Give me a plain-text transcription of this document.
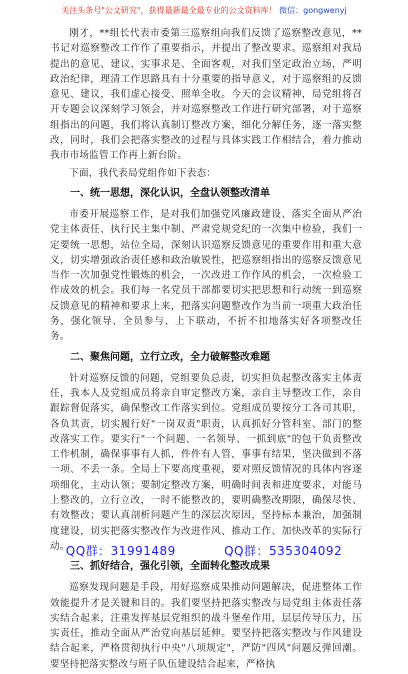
关注头条号"公文研究"，获得最新最全最专业的公文资料库！ 微信：gongwenyj

刚才，**组长代表市委第三巡察组向我们反馈了巡察整改意见，**书记对巡察整改工作作了重要指示，并提出了整改要求。巡察组对我局提出的意见、建议，实事求是、全面客观，对我们坚定政治立场，严明政治纪律，理清工作思路具有十分重要的指导意义，对于巡察组的反馈意见、建议，我们虚心接受、照单全收。今天的会议精神，局党组将召开专题会议深刻学习领会，并对巡察整改工作进行研究部署，对于巡察组指出的问题，我们将认真制订整改方案，细化分解任务，逐一落实整改，同时，我们会把落实整改的过程与具体实践工作相结合，着力推动我市市场监管工作再上新台阶。

下面，我代表局党组作如下表态：

一、统一思想，深化认识，全盘认领整改清单

市委开展巡察工作，是对我们加强党风廉政建设、落实全面从严治党主体责任、执行民主集中制、严肃党规党纪的一次集中检验，我们一定要统一思想，站位全局，深刻认识巡察反馈意见的重要作用和重大意义，切实增强政治责任感和政治敏锐性，把巡察组指出的巡察反馈意见当作一次加强党性锻炼的机会，一次改进工作作风的机会，一次检验工作成效的机会。我们每一名党员干部都要切实把思想和行动统一到巡察反馈意见的精神和要求上来，把落实问题整改作为当前一项重大政治任务，强化领导、全员参与、上下联动，不折不扣地落实好各项整改任务。

二、聚焦问题，立行立改，全力破解整改难题

针对巡察反馈的问题，党组要负总责，切实担负起整改落实主体责任，我本人及党组成员将亲自审定整改方案，亲自主导整改工作，亲自跟踪督促落实，确保整改工作落实到位。党组成员要按分工各司其职，各负其责，切实履行好"一岗双责"职责，认真抓好分管科室、部门的整改落实工作。要实行"一个问题、一名领导、一抓到底"的包干负责整改工作机制，确保事事有人抓，件件有人管，事事有结果，坚决做到不落一项、不丢一条。全局上下要高度重视，要对照反馈情况的具体内容逐项细化，主动认领；要制定整改方案，明确时间表和进度要求，对能马上整改的，立行立改，一时不能整改的，要明确整改期限，确保尽快、有效整改；要认真剖析问题产生的深层次原因，坚持标本兼治，加强制度建设，切实把落实整改作为改进作风、推动工作、加快改革的实际行动。

三、抓好结合，强化引领，全面转化整改成果

巡察发现问题是手段，用好巡察成果推动问题解决，促进整体工作效能提升才是关键和目的。我们要坚持把落实整改与局党组主体责任落实结合起来，注重发挥基层党组织的战斗堡垒作用，层层传导压力，压实责任，推动全面从严治党向基层延伸。要坚持把落实整改与作风建设结合起来，严格贯彻执行中央"八项规定"，严防"四风"问题反弹回潮。要坚持把落实整改与班子队伍建设结合起来，严格执

QQ群：31991489	QQ群：535304092
